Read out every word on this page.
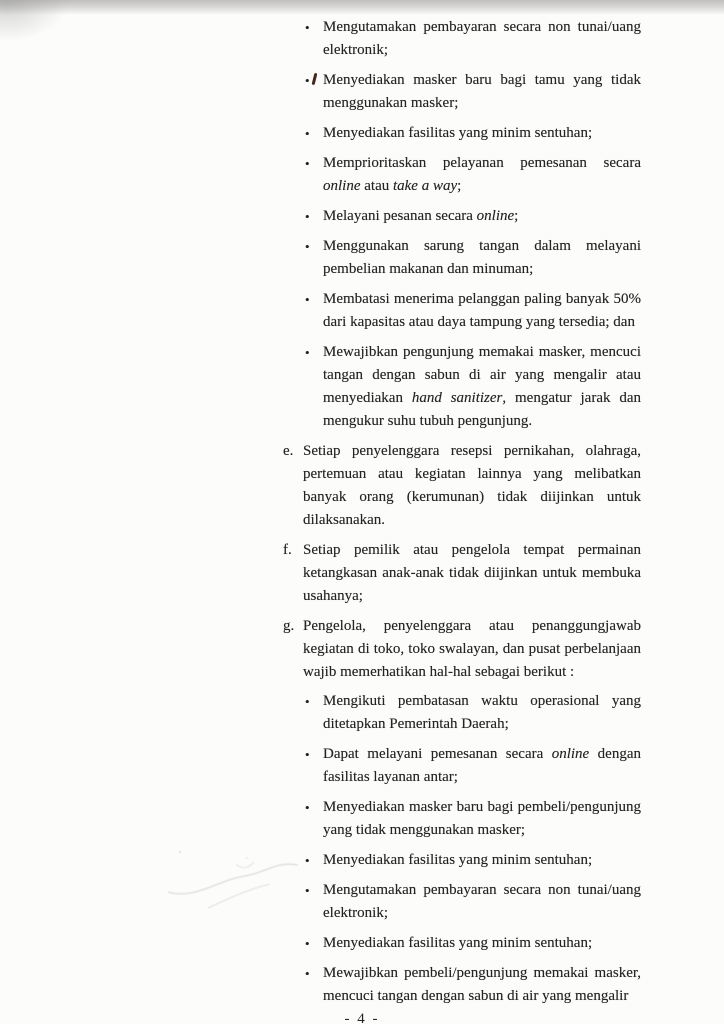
• Mengutamakan pembayaran secara non tunai/uang elektronik;
• Menyediakan masker baru bagi tamu yang tidak menggunakan masker;
• Menyediakan fasilitas yang minim sentuhan;
• Memprioritaskan pelayanan pemesanan secara online atau take a way;
• Melayani pesanan secara online;
• Menggunakan sarung tangan dalam melayani pembelian makanan dan minuman;
• Membatasi menerima pelanggan paling banyak 50% dari kapasitas atau daya tampung yang tersedia; dan
• Mewajibkan pengunjung memakai masker, mencuci tangan dengan sabun di air yang mengalir atau menyediakan hand sanitizer, mengatur jarak dan mengukur suhu tubuh pengunjung.
e. Setiap penyelenggara resepsi pernikahan, olahraga, pertemuan atau kegiatan lainnya yang melibatkan banyak orang (kerumunan) tidak diijinkan untuk dilaksanakan.
f. Setiap pemilik atau pengelola tempat permainan ketangkasan anak-anak tidak diijinkan untuk membuka usahanya;
g. Pengelola, penyelenggara atau penanggungjawab kegiatan di toko, toko swalayan, dan pusat perbelanjaan wajib memerhatikan hal-hal sebagai berikut :
• Mengikuti pembatasan waktu operasional yang ditetapkan Pemerintah Daerah;
• Dapat melayani pemesanan secara online dengan fasilitas layanan antar;
• Menyediakan masker baru bagi pembeli/pengunjung yang tidak menggunakan masker;
• Menyediakan fasilitas yang minim sentuhan;
• Mengutamakan pembayaran secara non tunai/uang elektronik;
• Menyediakan fasilitas yang minim sentuhan;
• Mewajibkan pembeli/pengunjung memakai masker, mencuci tangan dengan sabun di air yang mengalir
- 4 -
